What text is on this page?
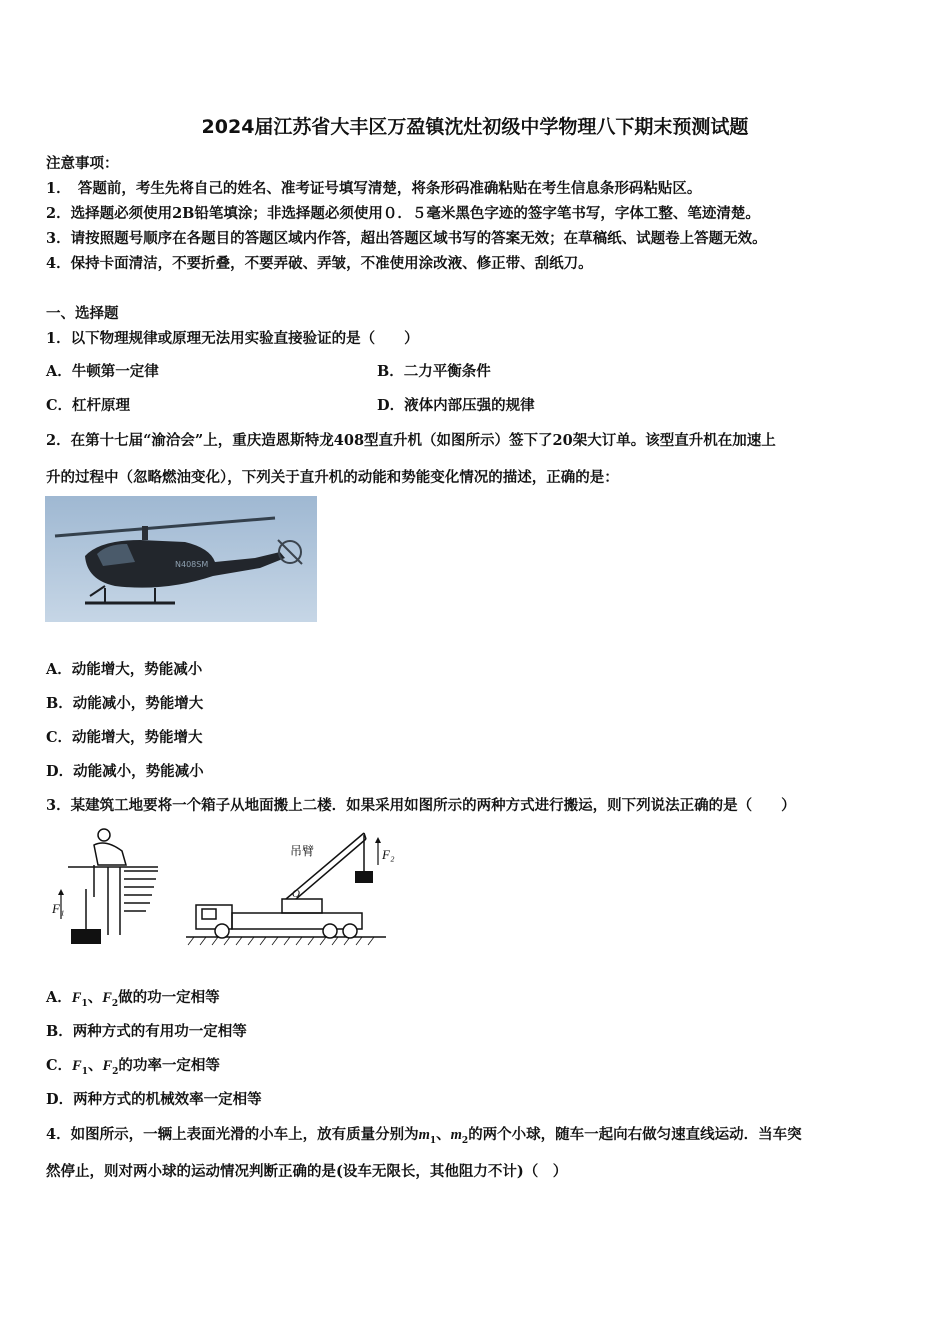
2024届江苏省大丰区万盈镇沈灶初级中学物理八下期末预测试题
注意事项：
1．　答题前，考生先将自己的姓名、准考证号填写清楚，将条形码准确粘贴在考生信息条形码粘贴区。
2．选择题必须使用2B铅笔填涂；非选择题必须使用０．５毫米黑色字迹的签字笔书写，字体工整、笔迹清楚。
3．请按照题号顺序在各题目的答题区域内作答，超出答题区域书写的答案无效；在草稿纸、试题卷上答题无效。
4．保持卡面清洁，不要折叠，不要弄破、弄皱，不准使用涂改液、修正带、刮纸刀。
一、选择题
1．以下物理规律或原理无法用实验直接验证的是（　　）
A．牛顿第一定律	B．二力平衡条件
C．杠杆原理	D．液体内部压强的规律
2．在第十七届“渝洽会”上，重庆造恩斯特龙408型直升机（如图所示）签下了20架大订单。该型直升机在加速上
升的过程中（忽略燃油变化），下列关于直升机的动能和势能变化情况的描述，正确的是：
N408SM
A．动能增大，势能减小
B．动能减小，势能增大
C．动能增大，势能增大
D．动能减小，势能减小
3．某建筑工地要将一个箱子从地面搬上二楼．如果采用如图所示的两种方式进行搬运，则下列说法正确的是（　　）
F₁
F₂
吊臂
O
A．$F_1$、$F_2$做的功一定相等
B．两种方式的有用功一定相等
C．$F_1$、$F_2$的功率一定相等
D．两种方式的机械效率一定相等
4．如图所示，一辆上表面光滑的小车上，放有质量分别为$m_1$、$m_2$的两个小球，随车一起向右做匀速直线运动．当车突
然停止，则对两小球的运动情况判断正确的是(设车无限长，其他阻力不计)（　）
